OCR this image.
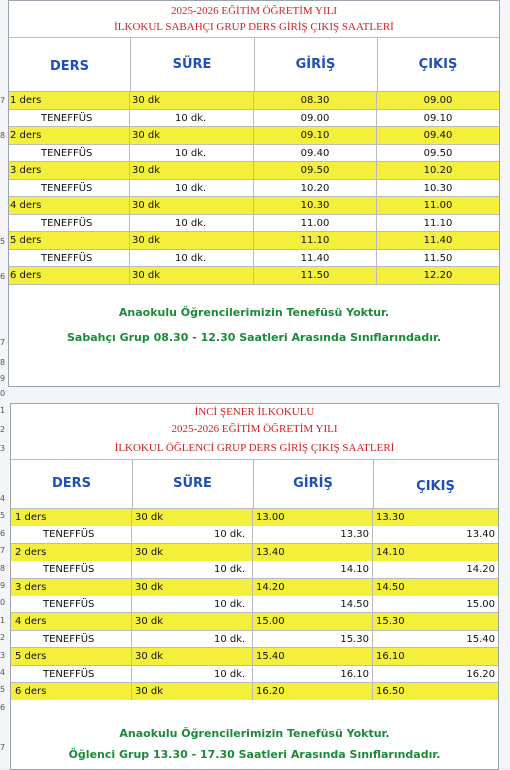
2025-2026 EĞİTİM ÖĞRETİM YILI
İLKOKUL SABAHÇI GRUP DERS GİRİŞ ÇIKIŞ SAATLERİ
DERS	SÜRE	GİRİŞ	ÇIKIŞ
1 ders	30 dk	08.30	09.00
TENEFFÜS	10 dk.	09.00	09.10
2 ders	30 dk	09.10	09.40
TENEFFÜS	10 dk.	09.40	09.50
3 ders	30 dk	09.50	10.20
TENEFFÜS	10 dk.	10.20	10.30
4 ders	30 dk	10.30	11.00
TENEFFÜS	10 dk.	11.00	11.10
5 ders	30 dk	11.10	11.40
TENEFFÜS	10 dk.	11.40	11.50
6 ders	30 dk	11.50	12.20
Anaokulu Öğrencilerimizin Tenefüsü Yoktur.
Sabahçı Grup 08.30 - 12.30 Saatleri Arasında Sınıflarındadır.
İNCİ ŞENER İLKOKULU
2025-2026 EĞİTİM ÖĞRETİM YILI
İLKOKUL ÖĞLENCİ GRUP DERS GİRİŞ ÇIKIŞ SAATLERİ
DERS	SÜRE	GİRİŞ	ÇIKIŞ
1 ders	30 dk	13.00	13.30
TENEFFÜS	10 dk.	13.30	13.40
2 ders	30 dk	13.40	14.10
TENEFFÜS	10 dk.	14.10	14.20
3 ders	30 dk	14.20	14.50
TENEFFÜS	10 dk.	14.50	15.00
4 ders	30 dk	15.00	15.30
TENEFFÜS	10 dk.	15.30	15.40
5 ders	30 dk	15.40	16.10
TENEFFÜS	10 dk.	16.10	16.20
6 ders	30 dk	16.20	16.50
Anaokulu Öğrencilerimizin Tenefüsü Yoktur.
Öğlenci Grup 13.30 - 17.30 Saatleri Arasında Sınıflarındadır.
7
8
9
0
1
2
3
7
8
5
6
4
5
6
7
8
9
0
1
2
3
4
5
6
7
